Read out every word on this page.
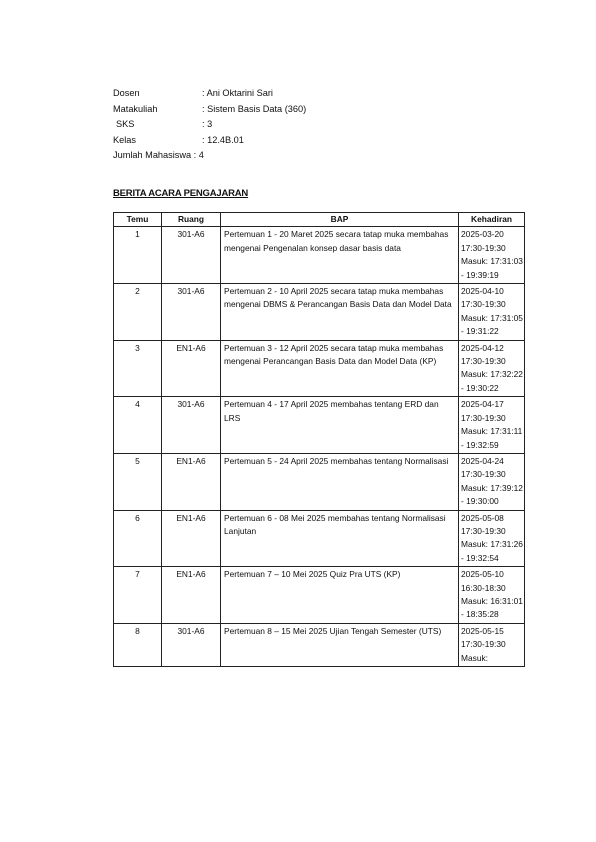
Dosen	: Ani Oktarini Sari
Matakuliah	: Sistem Basis Data (360)
SKS	: 3
Kelas	: 12.4B.01
Jumlah Mahasiswa : 4
BERITA ACARA PENGAJARAN
Temu	Ruang	BAP	Kehadiran
1	301-A6	Pertemuan 1 - 20 Maret 2025 secara tatap muka membahas mengenai Pengenalan konsep dasar basis data	2025-03-20 17:30-19:30 Masuk: 17:31:03 - 19:39:19
2	301-A6	Pertemuan 2 - 10 April 2025 secara tatap muka membahas mengenai DBMS & Perancangan Basis Data dan Model Data	2025-04-10 17:30-19:30 Masuk: 17:31:05 - 19:31:22
3	EN1-A6	Pertemuan 3 - 12 April 2025 secara tatap muka membahas mengenai Perancangan Basis Data dan Model Data (KP)	2025-04-12 17:30-19:30 Masuk: 17:32:22 - 19:30:22
4	301-A6	Pertemuan 4 - 17 April 2025 membahas tentang ERD dan LRS	2025-04-17 17:30-19:30 Masuk: 17:31:11 - 19:32:59
5	EN1-A6	Pertemuan 5 - 24 April 2025 membahas tentang Normalisasi	2025-04-24 17:30-19:30 Masuk: 17:39:12 - 19:30:00
6	EN1-A6	Pertemuan 6 - 08 Mei 2025 membahas tentang Normalisasi Lanjutan	2025-05-08 17:30-19:30 Masuk: 17:31:26 - 19:32:54
7	EN1-A6	Pertemuan 7 – 10 Mei 2025 Quiz Pra UTS (KP)	2025-05-10 16:30-18:30 Masuk: 16:31:01 - 18:35:28
8	301-A6	Pertemuan 8 – 15 Mei 2025 Ujian Tengah Semester (UTS)	2025-05-15 17:30-19:30 Masuk:
